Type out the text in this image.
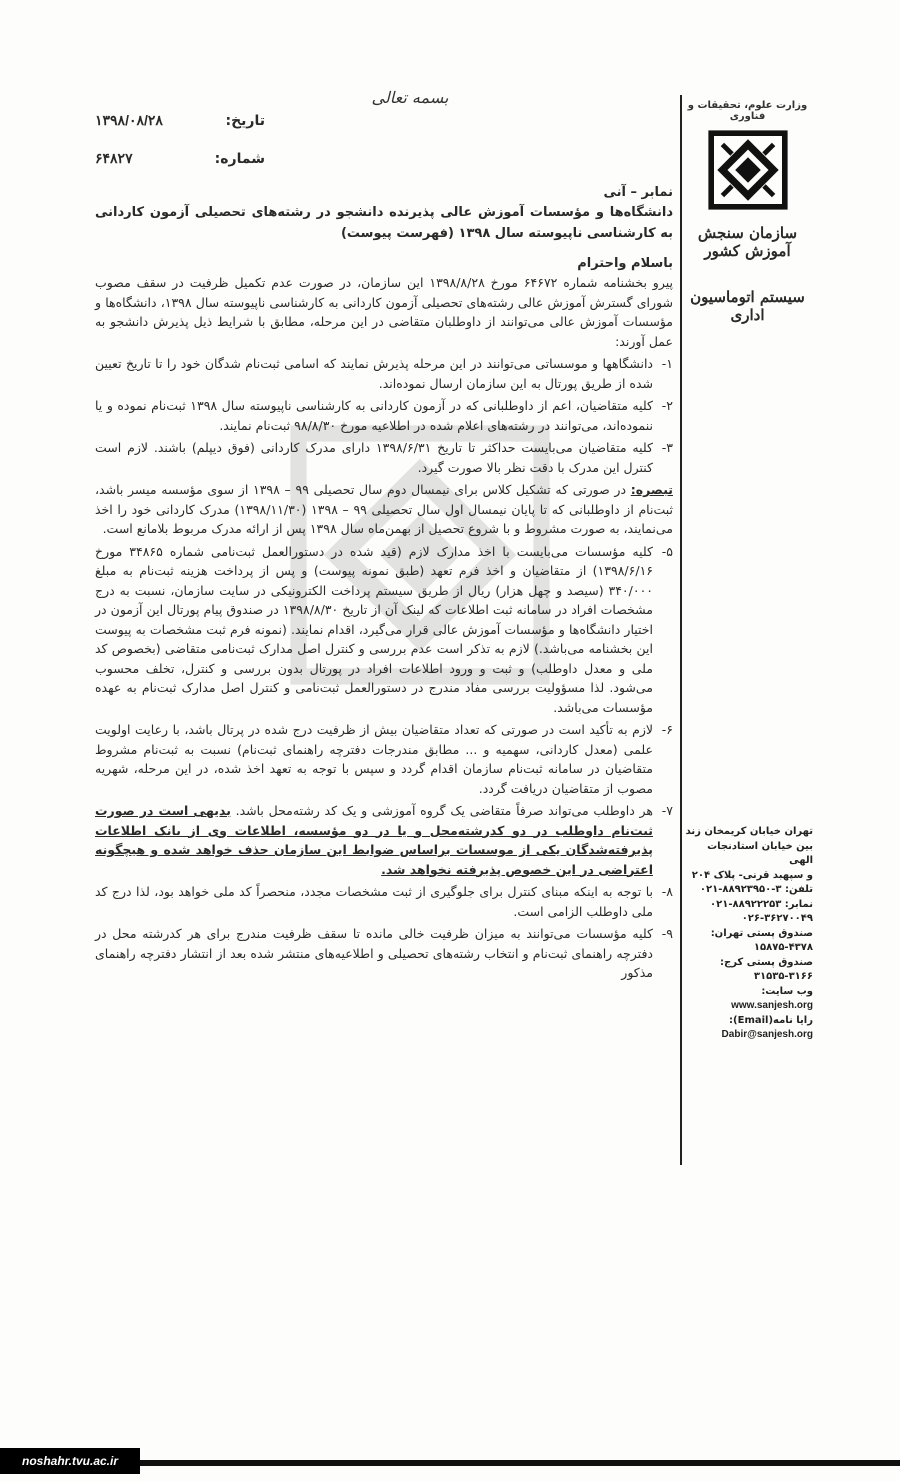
بسمه تعالی
تاریخ:
۱۳۹۸/۰۸/۲۸
شماره:
۶۴۸۲۷
وزارت علوم، تحقیقات و فناوری
سازمان سنجش آموزش کشور
سیستم اتوماسیون اداری
تهران خیابان کریمخان زند
بین خیابان استادنجات الهی
و سپهبد قرنی- پلاک ۲۰۴
تلفن: ۳-۸۸۹۲۳۹۵۰-۰۲۱
نمابر: ۸۸۹۲۲۲۵۳-۰۲۱
۰۲۶-۳۶۲۷۰۰۴۹
صندوق پستی تهران:
۱۵۸۷۵-۴۳۷۸
صندوق پستی کرج:
۳۱۵۳۵-۳۱۶۶
وب سایت:
www.sanjesh.org
رایا نامه(Email):
Dabir@sanjesh.org
نمابر – آنی
دانشگاه‌ها و مؤسسات آموزش عالی پذیرنده دانشجو در رشته‌های تحصیلی آزمون کاردانی به کارشناسی ناپیوسته سال ۱۳۹۸ (فهرست پیوست)
باسلام واحترام
پیرو بخشنامه شماره ۶۴۶۷۲ مورخ ۱۳۹۸/۸/۲۸ این سازمان، در صورت عدم تکمیل ظرفیت در سقف مصوب شورای گسترش آموزش عالی رشته‌های تحصیلی آزمون کاردانی به کارشناسی ناپیوسته سال ۱۳۹۸، دانشگاه‌ها و مؤسسات آموزش عالی می‌توانند از داوطلبان متقاضی در این مرحله، مطابق با شرایط ذیل پذیرش دانشجو به عمل آورند:
۱-
دانشگاهها و موسساتی می‌توانند در این مرحله پذیرش نمایند که اسامی ثبت‌نام شدگان خود را تا تاریخ تعیین شده از طریق پورتال به این سازمان ارسال نموده‌اند.
۲-
کلیه متقاضیان، اعم از داوطلبانی که در آزمون کاردانی به کارشناسی ناپیوسته سال ۱۳۹۸ ثبت‌نام نموده و یا ننموده‌اند، می‌توانند در رشته‌های اعلام شده در اطلاعیه مورخ ۹۸/۸/۳۰ ثبت‌نام نمایند.
۳-
کلیه متقاضیان می‌بایست حداکثر تا تاریخ ۱۳۹۸/۶/۳۱ دارای مدرک کاردانی (فوق دیپلم) باشند. لازم است کنترل این مدرک با دقت نظر بالا صورت گیرد.
تبصره: در صورتی که تشکیل کلاس برای نیمسال دوم سال تحصیلی ۹۹ – ۱۳۹۸ از سوی مؤسسه میسر باشد، ثبت‌نام از داوطلبانی که تا پایان نیمسال اول سال تحصیلی ۹۹ – ۱۳۹۸ (۱۳۹۸/۱۱/۳۰) مدرک کاردانی خود را اخذ می‌نمایند، به صورت مشروط و با شروع تحصیل از بهمن‌ماه سال ۱۳۹۸ پس از ارائه مدرک مربوط بلامانع است.
۵-
کلیه مؤسسات می‌بایست با اخذ مدارک لازم (قید شده در دستورالعمل ثبت‌نامی شماره ۳۴۸۶۵ مورخ ۱۳۹۸/۶/۱۶) از متقاضیان و اخذ فرم تعهد (طبق نمونه پیوست) و پس از پرداخت هزینه ثبت‌نام به مبلغ ۳۴۰/۰۰۰ (سیصد و چهل هزار) ریال از طریق سیستم پرداخت الکترونیکی در سایت سازمان، نسبت به درج مشخصات افراد در سامانه ثبت اطلاعات که لینک آن از تاریخ ۱۳۹۸/۸/۳۰ در صندوق پیام پورتال این آزمون در اختیار دانشگاه‌ها و مؤسسات آموزش عالی قرار می‌گیرد، اقدام نمایند. (نمونه فرم ثبت مشخصات به پیوست این بخشنامه می‌باشد.) لازم به تذکر است عدم بررسی و کنترل اصل مدارک ثبت‌نامی متقاضی (بخصوص کد ملی و معدل داوطلب) و ثبت و ورود اطلاعات افراد در پورتال بدون بررسی و کنترل، تخلف محسوب می‌شود. لذا مسؤولیت بررسی مفاد مندرج در دستورالعمل ثبت‌نامی و کنترل اصل مدارک ثبت‌نام به عهده مؤسسات می‌باشد.
۶-
لازم به تأکید است در صورتی که تعداد متقاضیان بیش از ظرفیت درج شده در پرتال باشد، با رعایت اولویت علمی (معدل کاردانی، سهمیه و ... مطابق مندرجات دفترچه راهنمای ثبت‌نام) نسبت به ثبت‌نام مشروط متقاضیان در سامانه ثبت‌نام سازمان اقدام گردد و سپس با توجه به تعهد اخذ شده، در این مرحله، شهریه مصوب از متقاضیان دریافت گردد.
۷-
هر داوطلب می‌تواند صرفاً متقاضی یک گروه آموزشی و یک کد رشته‌محل باشد. بدیهی است در صورت ثبت‌نام داوطلب در دو کدرشته‌محل و یا در دو مؤسسه، اطلاعات وی از بانک اطلاعات پذیرفته‌شدگان یکی از موسسات براساس ضوابط این سازمان حذف خواهد شده و هیچگونه اعتراضی در این خصوص پذیرفته نخواهد شد.
۸-
با توجه به اینکه مبنای کنترل برای جلوگیری از ثبت مشخصات مجدد، منحصراً کد ملی خواهد بود، لذا درج کد ملی داوطلب الزامی است.
۹-
کلیه مؤسسات می‌توانند به میزان ظرفیت خالی مانده تا سقف ظرفیت مندرج برای هر کدرشته محل در دفترچه راهنمای ثبت‌نام و انتخاب رشته‌های تحصیلی و اطلاعیه‌های منتشر شده بعد از انتشار دفترچه راهنمای مذکور
noshahr.tvu.ac.ir
